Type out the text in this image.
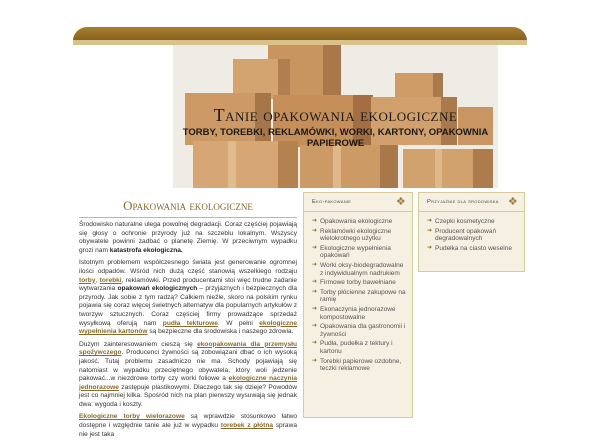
Tanie opakowania ekologiczne
TORBY, TOREBKI, REKLAMÓWKI, WORKI, KARTONY, OPAKOWNIA PAPIEROWE
Opakowania ekologiczne

Środowisko naturalne ulega powolnej degradacji. Coraz częściej pojawiają się głosy o ochronie przyrody już na szczeblu lokalnym. Wszyscy obywatele powinni zadbać o planetę Ziemię. W przeciwnym wypadku grozi nam katastrofa ekologiczna.

Istotnym problemem współczesnego świata jest generowanie ogromnej ilości odpadów. Wśród nich dużą część stanowią wszelkiego rodzaju torby, torebki, reklamówki. Przed producentami stoi więc trudne zadanie wytwarzania opakowań ekologicznych – przyjaznych i bezpiecznych dla przyrody. Jak sobie z tym radzą? Całkiem nieźle, skoro na polskim rynku pojawia się coraz więcej świetnych alternatyw dla popularnych artykułów z tworzyw sztucznych. Coraz częściej firmy prowadzące sprzedaż wysyłkową oferują nam pudła tekturowe. W pełni ekologiczne wypełnienia kartonów są bezpieczne dla środowiska i naszego zdrowia.

Dużym zainteresowaniem cieszą się ekoopakowania dla przemysłu spożywczego. Producenci żywności są zobowiązani dbać o ich wysoką jakość. Tutaj problemu zasadniczo nie ma. Schody pojawiają się natomiast w wypadku przeciętnego obywatela, który woli jedzenie pakować...w niezdrowe torby czy worki foliowe a ekologiczne naczynia jednorazowe zastępuje plastikowymi. Dlaczego tak się dzieje? Powodów jest co najmniej kilka. Spośród nich na plan pierwszy wysuwają się jednak dwa: wygoda i koszty.

Ekologiczne torby wielorazowe są wprawdzie stosunkowo łatwo dostępne i względnie tanie ale już w wypadku torebek z płótna sprawa nie jest taka

Eko-pakowanie	❖
➜ Opakowania ekologiczne
➜ Reklamówki ekologiczne wielokrotnego użytku
➜ Ekologiczne wypełnienia opakowań
➜ Worki oksy-biodegradowalne z indywidualnym nadrukiem
➜ Firmowe torby bawełniane
➜ Torby płócienne zakupowe na ramię
➜ Ekonaczynia jednorazowe kompostowalne
➜ Opakowania dla gastronomii i żywności
➜ Pudła, pudełka z tektury i kartonu
➜ Torebki papierowe ozdobne, teczki reklamowe
Przyjaźnie dla środowiska ❖
➜ Czepki kosmetyczne
➜ Producent opakowań degradowalnych
➜ Pudełka na ciasto weselne
